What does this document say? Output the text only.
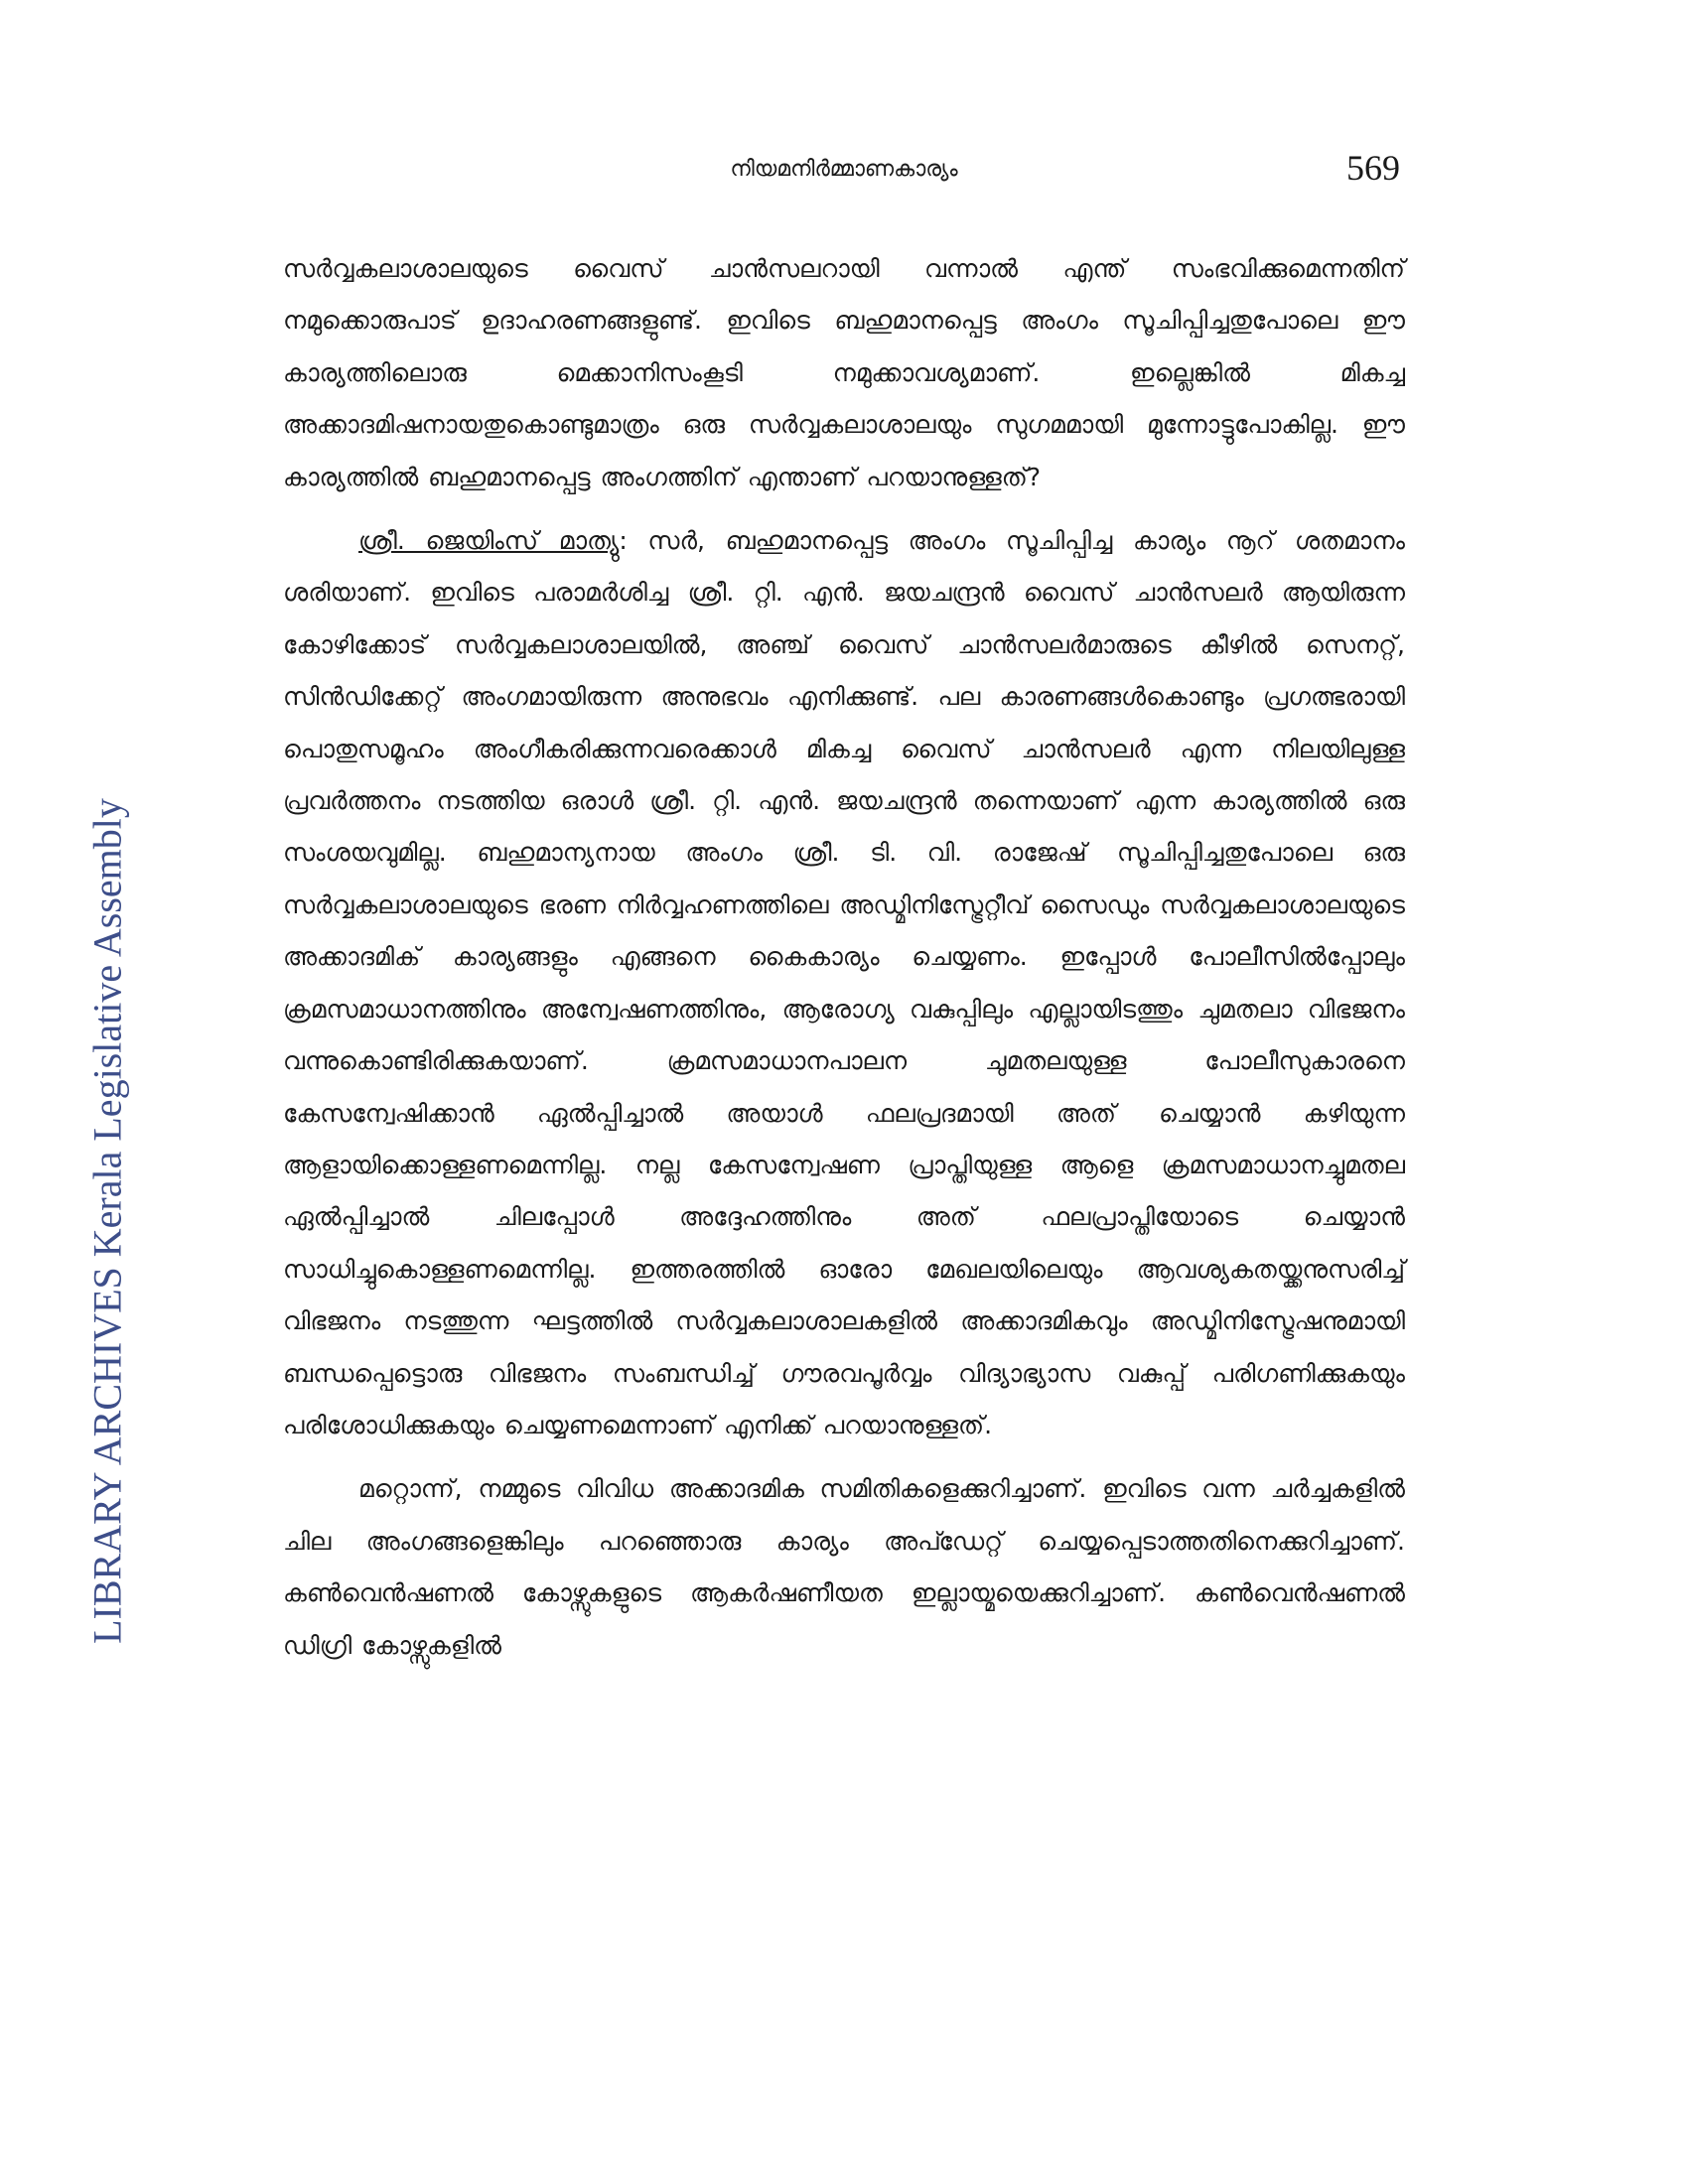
നിയമനിർമ്മാണകാര്യം	569
LIBRARY ARCHIVES Kerala Legislative Assembly

സർവ്വകലാശാലയുടെ വൈസ് ചാൻസലറായി വന്നാൽ എന്ത് സംഭവിക്കുമെന്നതിന് നമുക്കൊരുപാട് ഉദാഹരണങ്ങളുണ്ട്. ഇവിടെ ബഹുമാനപ്പെട്ട അംഗം സൂചിപ്പിച്ചതുപോലെ ഈ കാര്യത്തിലൊരു മെക്കാനിസംകൂടി നമുക്കാവശ്യമാണ്. ഇല്ലെങ്കിൽ മികച്ച അക്കാദമിഷനായതുകൊണ്ടുമാത്രം ഒരു സർവ്വകലാശാലയും സുഗമമായി മുന്നോട്ടുപോകില്ല. ഈ കാര്യത്തിൽ ബഹുമാനപ്പെട്ട അംഗത്തിന് എന്താണ് പറയാനുള്ളത്?

ശ്രീ. ജെയിംസ് മാത്യു: സർ, ബഹുമാനപ്പെട്ട അംഗം സൂചിപ്പിച്ച കാര്യം നൂറ് ശതമാനം ശരിയാണ്. ഇവിടെ പരാമർശിച്ച ശ്രീ. റ്റി. എൻ. ജയചന്ദ്രൻ വൈസ് ചാൻസലർ ആയിരുന്ന കോഴിക്കോട് സർവ്വകലാശാലയിൽ, അഞ്ച് വൈസ് ചാൻസലർമാരുടെ കീഴിൽ സെനറ്റ്, സിൻഡിക്കേറ്റ് അംഗമായിരുന്ന അനുഭവം എനിക്കുണ്ട്. പല കാരണങ്ങൾകൊണ്ടും പ്രഗത്ഭരായി പൊതുസമൂഹം അംഗീകരിക്കുന്നവരെക്കാൾ മികച്ച വൈസ് ചാൻസലർ എന്ന നിലയിലുള്ള പ്രവർത്തനം നടത്തിയ ഒരാൾ ശ്രീ. റ്റി. എൻ. ജയചന്ദ്രൻ തന്നെയാണ് എന്ന കാര്യത്തിൽ ഒരു സംശയവുമില്ല. ബഹുമാന്യനായ അംഗം ശ്രീ. ടി. വി. രാജേഷ് സൂചിപ്പിച്ചതുപോലെ ഒരു സർവ്വകലാശാലയുടെ ഭരണ നിർവ്വഹണത്തിലെ അഡ്മിനിസ്ട്രേറ്റീവ് സൈഡും സർവ്വകലാശാലയുടെ അക്കാദമിക് കാര്യങ്ങളും എങ്ങനെ കൈകാര്യം ചെയ്യണം. ഇപ്പോൾ പോലീസിൽപ്പോലും ക്രമസമാധാനത്തിനും അന്വേഷണത്തിനും, ആരോഗ്യ വകുപ്പിലും എല്ലായിടത്തും ചുമതലാ വിഭജനം വന്നുകൊണ്ടിരിക്കുകയാണ്. ക്രമസമാധാനപാലന ചുമതലയുള്ള പോലീസുകാരനെ കേസന്വേഷിക്കാൻ ഏൽപ്പിച്ചാൽ അയാൾ ഫലപ്രദമായി അത് ചെയ്യാൻ കഴിയുന്ന ആളായിക്കൊള്ളണമെന്നില്ല. നല്ല കേസന്വേഷണ പ്രാപ്തിയുള്ള ആളെ ക്രമസമാധാനച്ചുമതല ഏൽപ്പിച്ചാൽ ചിലപ്പോൾ അദ്ദേഹത്തിനും അത് ഫലപ്രാപ്തിയോടെ ചെയ്യാൻ സാധിച്ചുകൊള്ളണമെന്നില്ല. ഇത്തരത്തിൽ ഓരോ മേഖലയിലെയും ആവശ്യകതയ്ക്കനുസരിച്ച് വിഭജനം നടത്തുന്ന ഘട്ടത്തിൽ സർവ്വകലാശാലകളിൽ അക്കാദമികവും അഡ്മിനിസ്ട്രേഷനുമായി ബന്ധപ്പെട്ടൊരു വിഭജനം സംബന്ധിച്ച് ഗൗരവപൂർവ്വം വിദ്യാഭ്യാസ വകുപ്പ് പരിഗണിക്കുകയും പരിശോധിക്കുകയും ചെയ്യണമെന്നാണ് എനിക്ക് പറയാനുള്ളത്.

മറ്റൊന്ന്, നമ്മുടെ വിവിധ അക്കാദമിക സമിതികളെക്കുറിച്ചാണ്. ഇവിടെ വന്ന ചർച്ചകളിൽ ചില അംഗങ്ങളെങ്കിലും പറഞ്ഞൊരു കാര്യം അപ്ഡേറ്റ് ചെയ്യപ്പെടാത്തതിനെക്കുറിച്ചാണ്. കൺവെൻഷണൽ കോഴ്സുകളുടെ ആകർഷണീയത ഇല്ലായ്മയെക്കുറിച്ചാണ്. കൺവെൻഷണൽ ഡിഗ്രി കോഴ്സുകളിൽ
